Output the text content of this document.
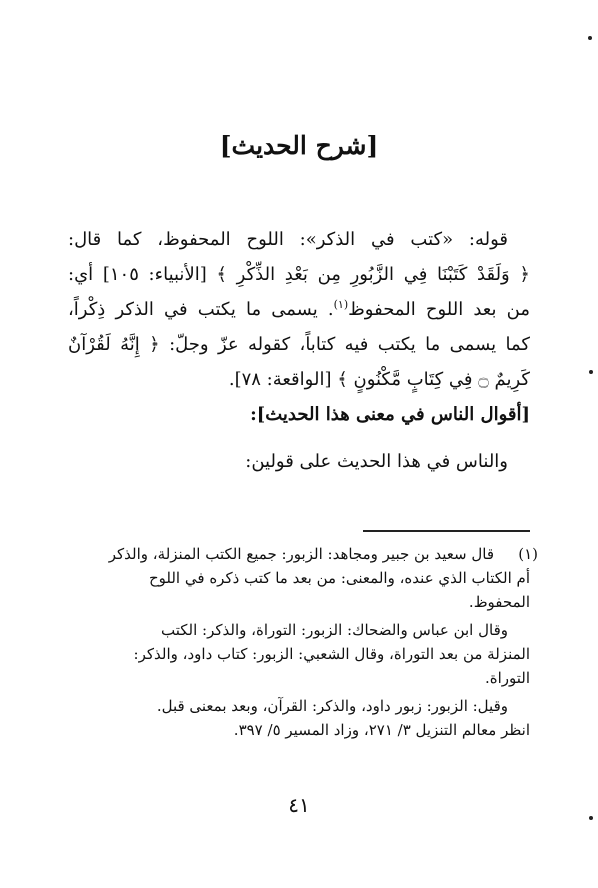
[شرح الحديث]
قوله: «كتب في الذكر»: اللوح المحفوظ، كما قال:
﴿ وَلَقَدْ كَتَبْنَا فِي الزَّبُورِ مِن بَعْدِ الذِّكْرِ ﴾ [الأنبياء: ١٠٥] أي:
من بعد اللوح المحفوظ$^{(١)}$. يسمى ما يكتب في الذكر ذِكْراً،
كما يسمى ما يكتب فيه كتاباً، كقوله عزّ وجلّ: ﴿ إِنَّهُ لَقُرْآنٌ
كَرِيمٌ ۝ فِي كِتَابٍ مَّكْنُونٍ ﴾ [الواقعة: ٧٨].
[أقوال الناس في معنى هذا الحديث]:
والناس في هذا الحديث على قولين:
(١)
قال سعيد بن جبير ومجاهد: الزبور: جميع الكتب المنزلة، والذكر
أم الكتاب الذي عنده، والمعنى: من بعد ما كتب ذكره في اللوح
المحفوظ.
وقال ابن عباس والضحاك: الزبور: التوراة، والذكر: الكتب
المنزلة من بعد التوراة، وقال الشعبي: الزبور: كتاب داود، والذكر:
التوراة.
وقيل: الزبور: زبور داود، والذكر: القرآن، وبعد بمعنى قبل.
انظر معالم التنزيل ٣/ ٢٧١، وزاد المسير ٥/ ٣٩٧.
٤١
